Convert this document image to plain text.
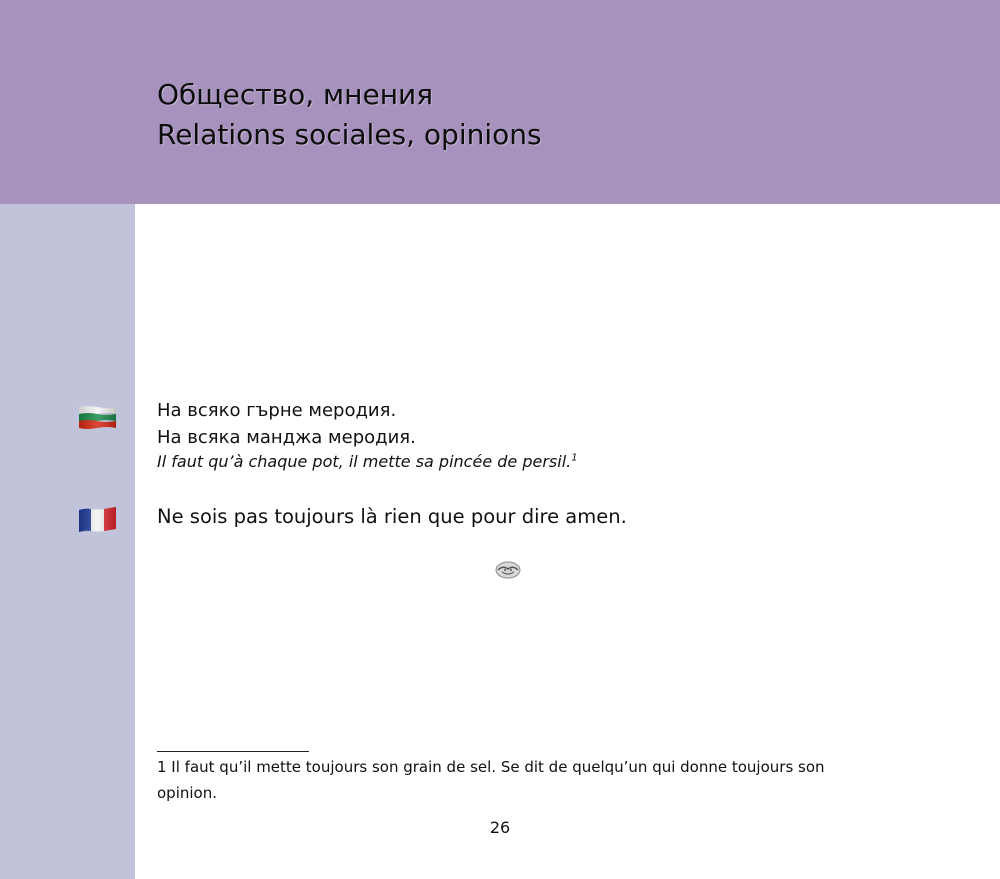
Общество, мнения
Relations sociales, opinions

На всяко гърне меродия.

На всяка манджа меродия.

Il faut qu’à chaque pot, il mette sa pincée de persil.$^1$

Ne sois pas toujours là rien que pour dire amen.

1 Il faut qu’il mette toujours son grain de sel. Se dit de quelqu’un qui donne toujours son opinion.

26
